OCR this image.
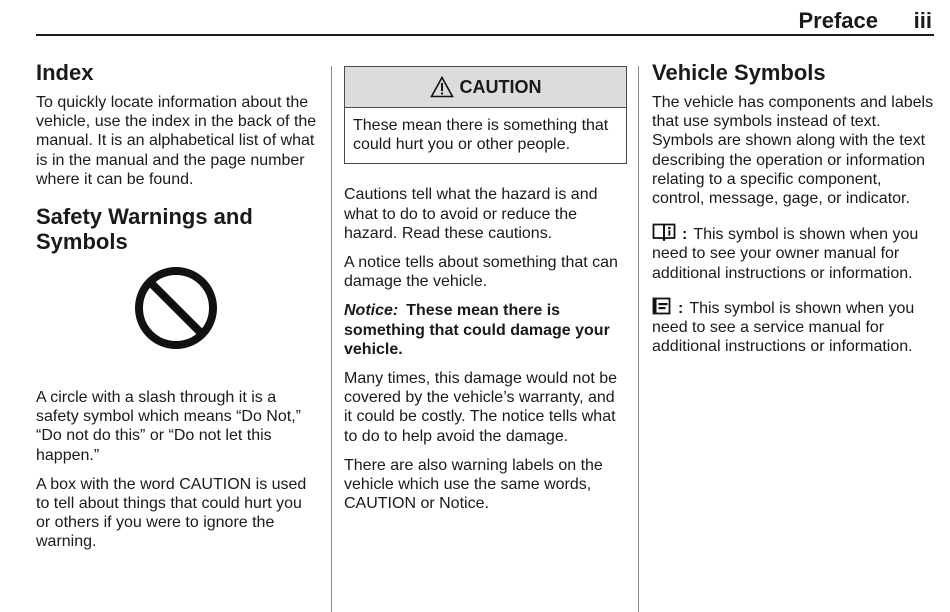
Preface iii
Index

To quickly locate information about the vehicle, use the index in the back of the manual. It is an alphabetical list of what is in the manual and the page number where it can be found.

Safety Warnings and Symbols

A circle with a slash through it is a safety symbol which means “Do Not,” “Do not do this” or “Do not let this happen.”

A box with the word CAUTION is used to tell about things that could hurt you or others if you were to ignore the warning.

CAUTION

These mean there is something that could hurt you or other people.

Cautions tell what the hazard is and what to do to avoid or reduce the hazard. Read these cautions.

A notice tells about something that can damage the vehicle.

Notice: These mean there is something that could damage your vehicle.

Many times, this damage would not be covered by the vehicle’s warranty, and it could be costly. The notice tells what to do to help avoid the damage.

There are also warning labels on the vehicle which use the same words, CAUTION or Notice.

Vehicle Symbols

The vehicle has components and labels that use symbols instead of text. Symbols are shown along with the text describing the operation or information relating to a specific component, control, message, gage, or indicator.

: This symbol is shown when you need to see your owner manual for additional instructions or information.

: This symbol is shown when you need to see a service manual for additional instructions or information.
